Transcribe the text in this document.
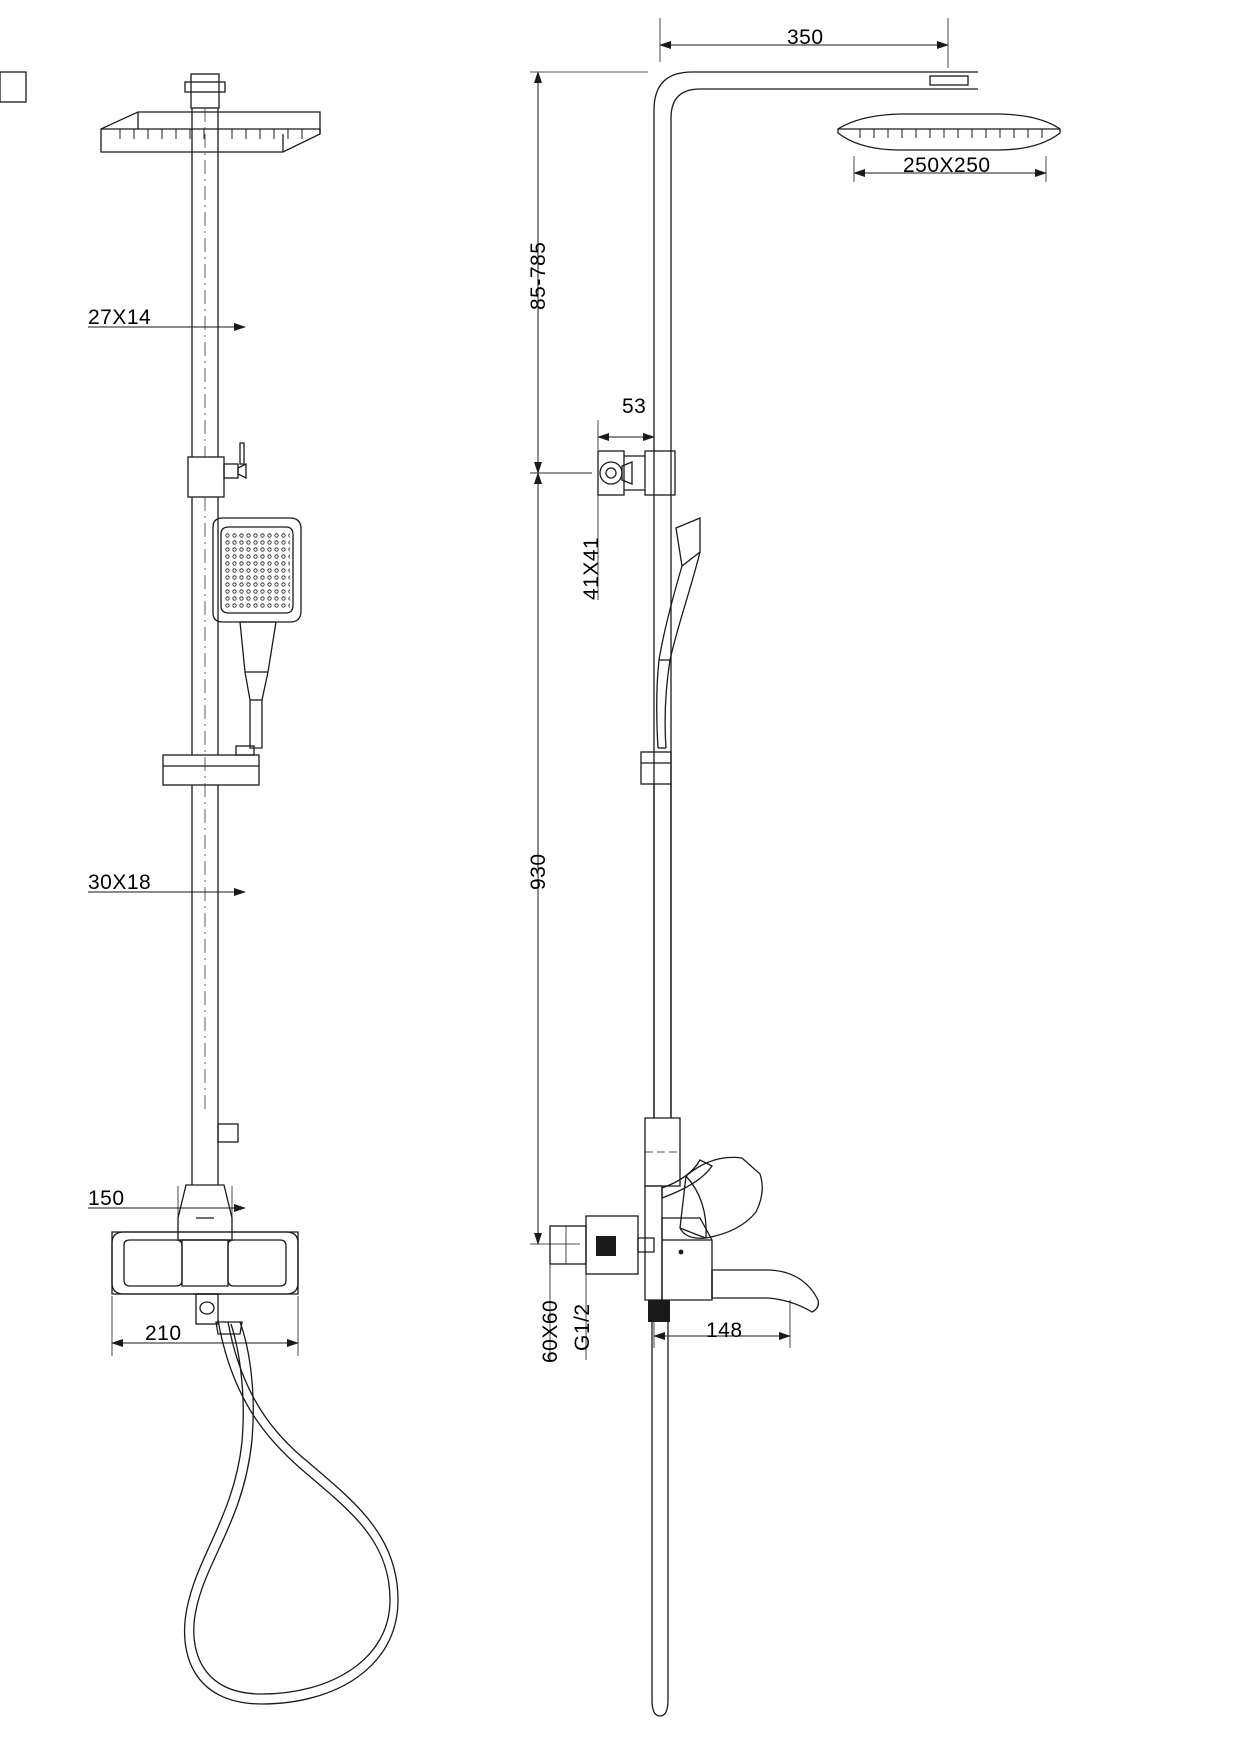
27X14
30X18
150
210
350
250X250
85-785
53
41X41
930
60X60 G1/2	148
